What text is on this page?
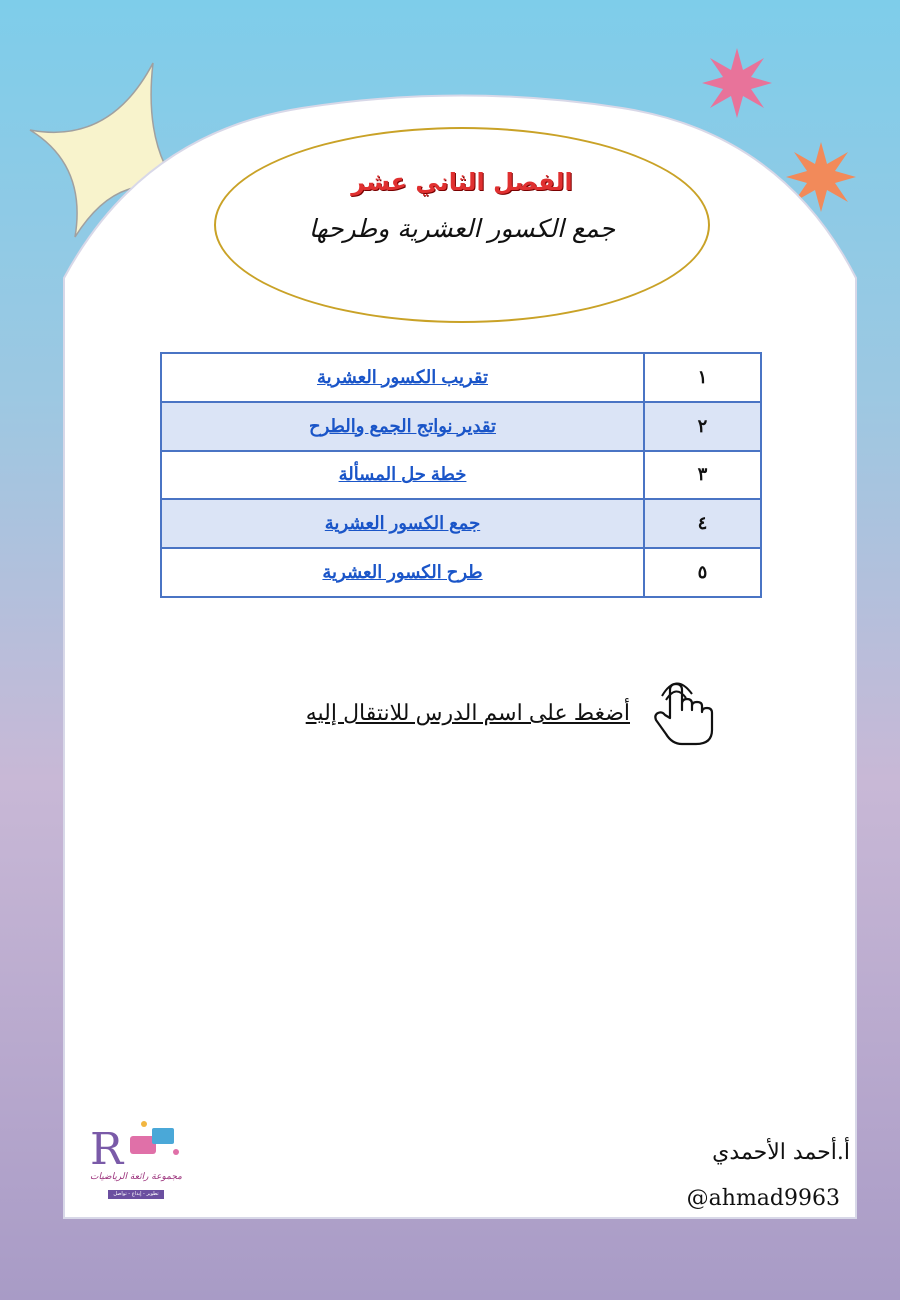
الفصل الثاني عشر
جمع الكسور العشرية وطرحها
١	تقريب الكسور العشرية
٢	تقدير نواتج الجمع والطرح
٣	خطة حل المسألة
٤	جمع الكسور العشرية
٥	طرح الكسور العشرية
أضغط على اسم الدرس للانتقال إليه
R
مجموعة رائعة الرياضيات
تطوير - إبداع - تواصل
أ.أحمد الأحمدي
@ahmad9963
